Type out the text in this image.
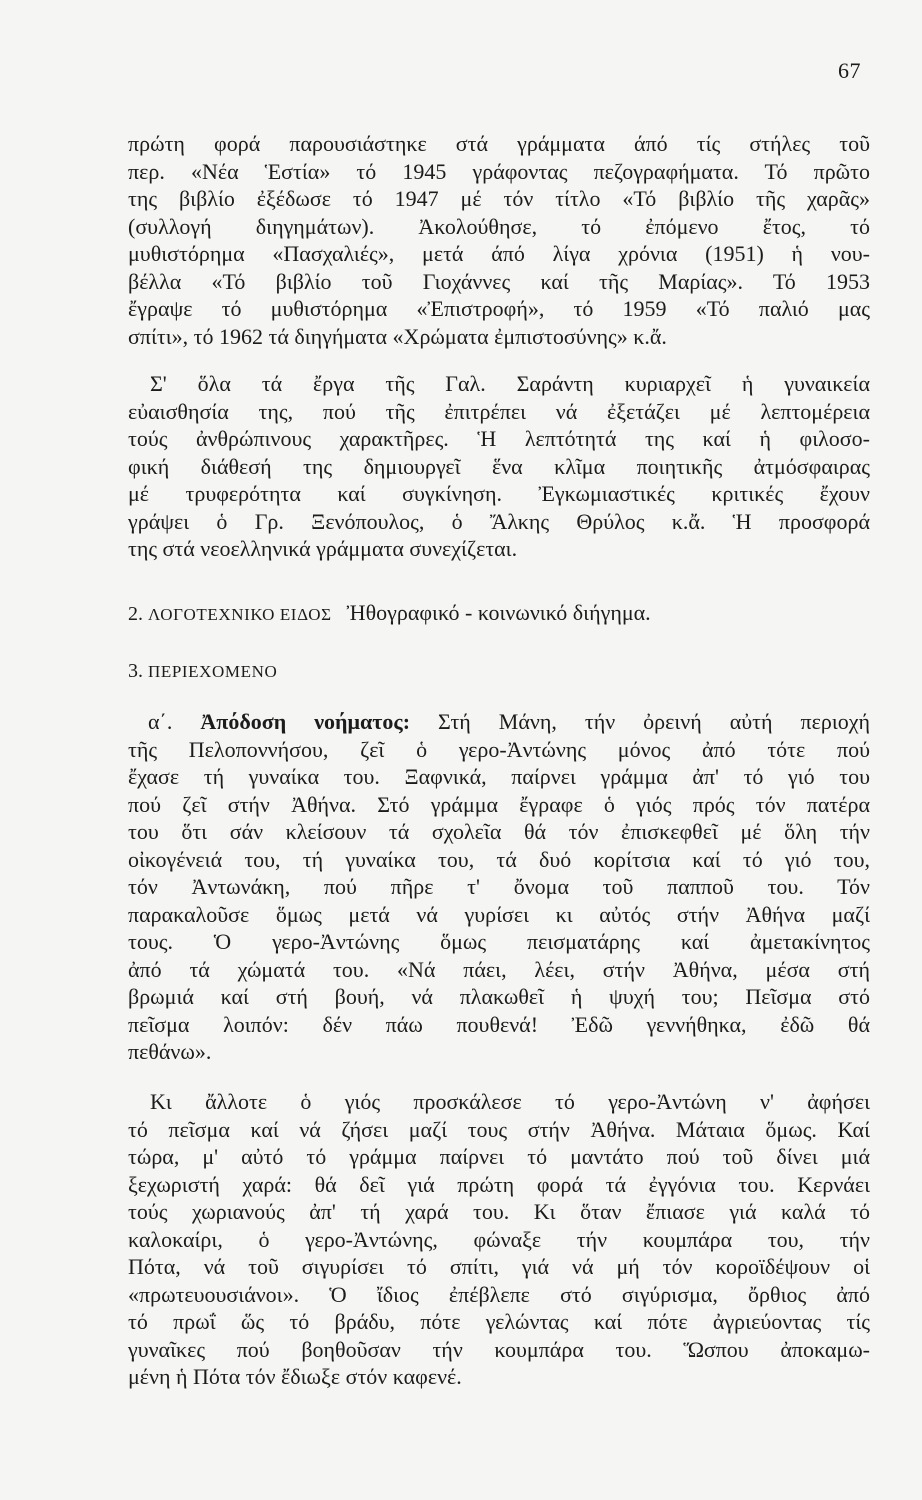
67
πρώτη φορά παρουσιάστηκε στά γράμματα άπό τίς στήλες τοῦ
περ. «Νέα Ἑστία» τό 1945 γράφοντας πεζογραφήματα. Τό πρῶτο
της βιβλίο ἐξέδωσε τό 1947 μέ τόν τίτλο «Τό βιβλίο τῆς χαρᾶς»
(συλλογή διηγημάτων). Ἀκολούθησε, τό ἐπόμενο ἔτος, τό
μυθιστόρημα «Πασχαλιές», μετά άπό λίγα χρόνια (1951) ἡ νου-
βέλλα «Τό βιβλίο τοῦ Γιοχάννες καί τῆς Μαρίας». Τό 1953
ἔγραψε τό μυθιστόρημα «Ἐπιστροφή», τό 1959 «Τό παλιό μας
σπίτι», τό 1962 τά διηγήματα «Χρώματα ἐμπιστοσύνης» κ.ἄ.
Σ' ὅλα τά ἔργα τῆς Γαλ. Σαράντη κυριαρχεῖ ἡ γυναικεία
εὐαισθησία της, πού τῆς ἐπιτρέπει νά ἐξετάζει μέ λεπτομέρεια
τούς ἀνθρώπινους χαρακτῆρες. Ἡ λεπτότητά της καί ἡ φιλοσο-
φική διάθεσή της δημιουργεῖ ἕνα κλῖμα ποιητικῆς ἀτμόσφαιρας
μέ τρυφερότητα καί συγκίνηση. Ἐγκωμιαστικές κριτικές ἔχουν
γράψει ὁ Γρ. Ξενόπουλος, ὁ Ἄλκης Θρύλος κ.ἄ. Ἡ προσφορά
της στά νεοελληνικά γράμματα συνεχίζεται.
2. ΛΟΓΟΤΕΧΝΙΚΟ ΕΙΔΟΣ Ἠθογραφικό - κοινωνικό διήγημα.
3. ΠΕΡΙΕΧΟΜΕΝΟ
α΄. Ἀπόδοση νοήματος: Στή Μάνη, τήν ὀρεινή αὐτή περιοχή
τῆς Πελοποννήσου, ζεῖ ὁ γερο-Ἀντώνης μόνος ἀπό τότε πού
ἔχασε τή γυναίκα του. Ξαφνικά, παίρνει γράμμα ἀπ' τό γιό του
πού ζεῖ στήν Ἀθήνα. Στό γράμμα ἔγραφε ὁ γιός πρός τόν πατέρα
του ὅτι σάν κλείσουν τά σχολεῖα θά τόν ἐπισκεφθεῖ μέ ὅλη τήν
οἰκογένειά του, τή γυναίκα του, τά δυό κορίτσια καί τό γιό του,
τόν Ἀντωνάκη, πού πῆρε τ' ὄνομα τοῦ παπποῦ του. Τόν
παρακαλοῦσε ὅμως μετά νά γυρίσει κι αὐτός στήν Ἀθήνα μαζί
τους. Ὁ γερο-Ἀντώνης ὅμως πεισματάρης καί ἀμετακίνητος
ἀπό τά χώματά του. «Νά πάει, λέει, στήν Ἀθήνα, μέσα στή
βρωμιά καί στή βουή, νά πλακωθεῖ ἡ ψυχή του; Πεῖσμα στό
πεῖσμα λοιπόν: δέν πάω πουθενά! Ἐδῶ γεννήθηκα, ἐδῶ θά
πεθάνω».
Κι ἄλλοτε ὁ γιός προσκάλεσε τό γερο-Ἀντώνη ν' ἀφήσει
τό πεῖσμα καί νά ζήσει μαζί τους στήν Ἀθήνα. Μάταια ὅμως. Καί
τώρα, μ' αὐτό τό γράμμα παίρνει τό μαντάτο πού τοῦ δίνει μιά
ξεχωριστή χαρά: θά δεῖ γιά πρώτη φορά τά ἐγγόνια του. Κερνάει
τούς χωριανούς ἀπ' τή χαρά του. Κι ὅταν ἔπιασε γιά καλά τό
καλοκαίρι, ὁ γερο-Ἀντώνης, φώναξε τήν κουμπάρα του, τήν
Πότα, νά τοῦ σιγυρίσει τό σπίτι, γιά νά μή τόν κοροϊδέψουν οἱ
«πρωτευουσιάνοι». Ὁ ἴδιος ἐπέβλεπε στό σιγύρισμα, ὄρθιος ἀπό
τό πρωΐ ὥς τό βράδυ, πότε γελώντας καί πότε ἀγριεύοντας τίς
γυναῖκες πού βοηθοῦσαν τήν κουμπάρα του. Ὥσπου ἀποκαμω-
μένη ἡ Πότα τόν ἔδιωξε στόν καφενέ.
